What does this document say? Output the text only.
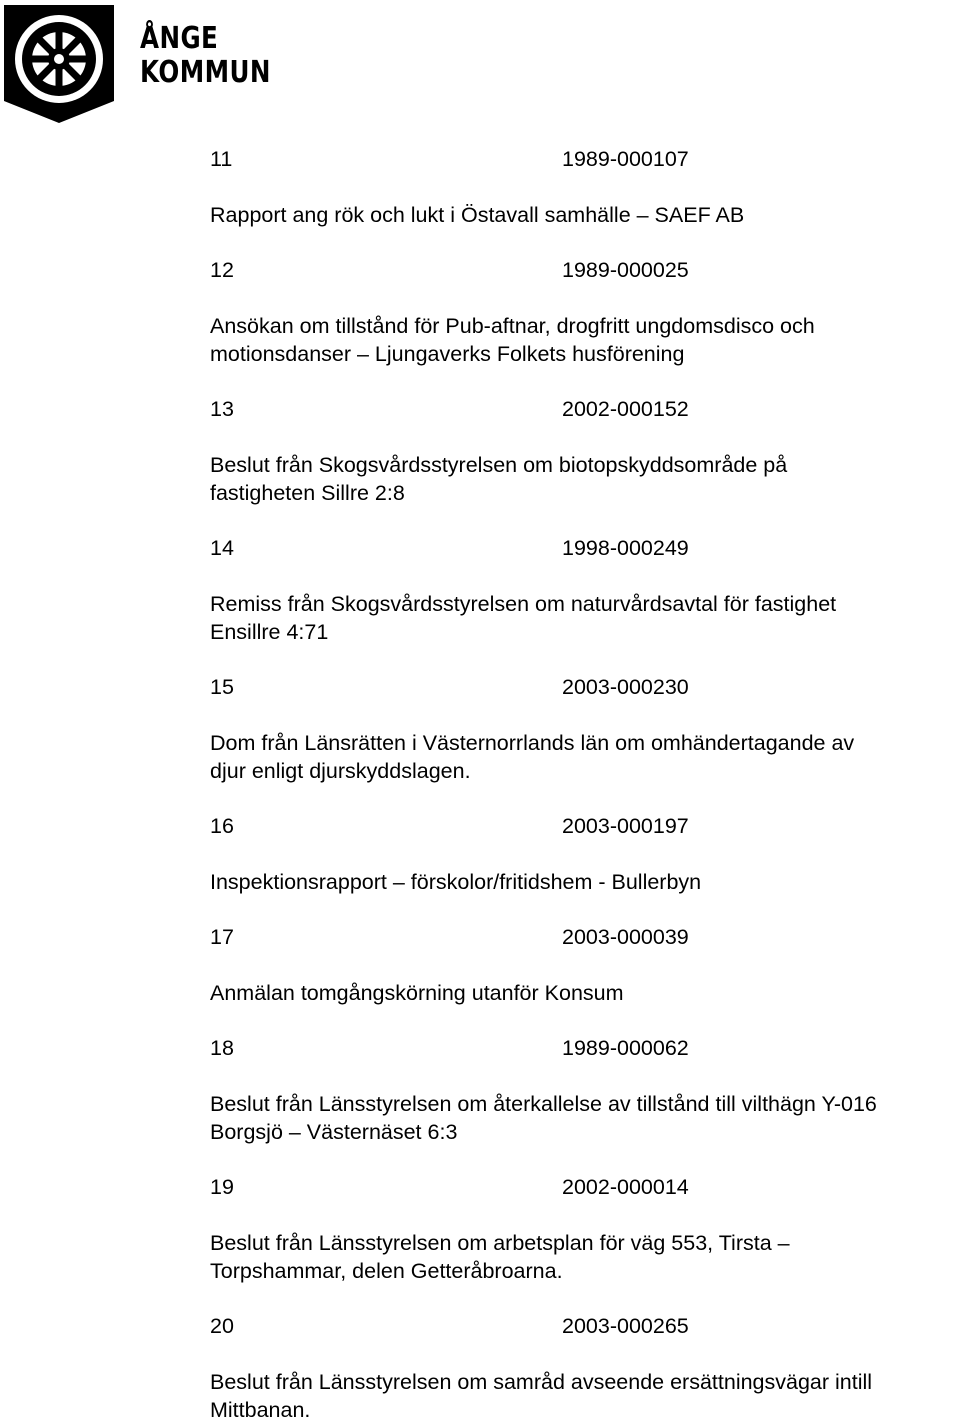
ÅNGE
KOMMUN
11	1989-000107
Rapport ang rök och lukt i Östavall samhälle – SAEF AB
12	1989-000025
Ansökan om tillstånd för Pub-aftnar, drogfritt ungdomsdisco och
motionsdanser – Ljungaverks Folkets husförening
13	2002-000152
Beslut från Skogsvårdsstyrelsen om biotopskyddsområde på
fastigheten Sillre 2:8
14	1998-000249
Remiss från Skogsvårdsstyrelsen om naturvårdsavtal för fastighet
Ensillre 4:71
15	2003-000230
Dom från Länsrätten i Västernorrlands län om omhändertagande av
djur enligt djurskyddslagen.
16	2003-000197
Inspektionsrapport – förskolor/fritidshem - Bullerbyn
17	2003-000039
Anmälan tomgångskörning utanför Konsum
18	1989-000062
Beslut från Länsstyrelsen om återkallelse av tillstånd till vilthägn Y-016
Borgsjö – Västernäset 6:3
19	2002-000014
Beslut från Länsstyrelsen om arbetsplan för väg 553, Tirsta –
Torpshammar, delen Getteråbroarna.
20	2003-000265
Beslut från Länsstyrelsen om samråd avseende ersättningsvägar intill
Mittbanan.
